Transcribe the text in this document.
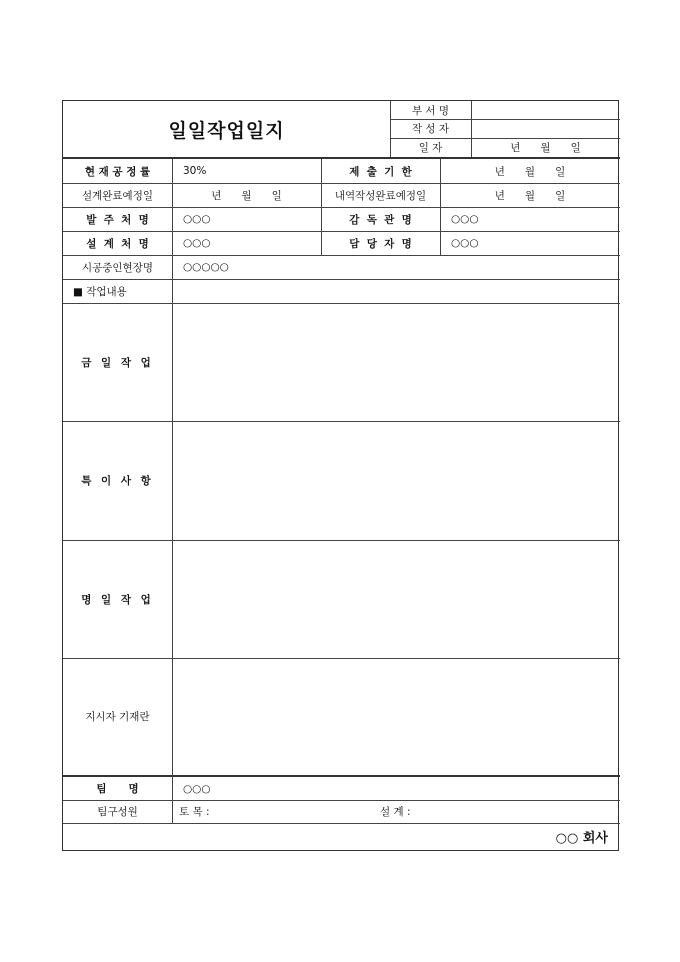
일일작업일지
부 서 명
작 성 자
일 자	년      월      일
현 재 공 정 률	30%	제  출  기  한	년      월      일
설계완료예정일	년      월      일	내역작성완료예정일	년      월      일
발  주  처  명	○○○	감  독  관  명	○○○
설  계  처  명	○○○	담  당  자  명	○○○
시공중인현장명	○○○○○
■ 작업내용
금 일 작 업
특 이 사 항
명 일 작 업
지시자 기재란
팀      명	○○○
팀구성원	토 목 :	설 계 :
○○ 회사
